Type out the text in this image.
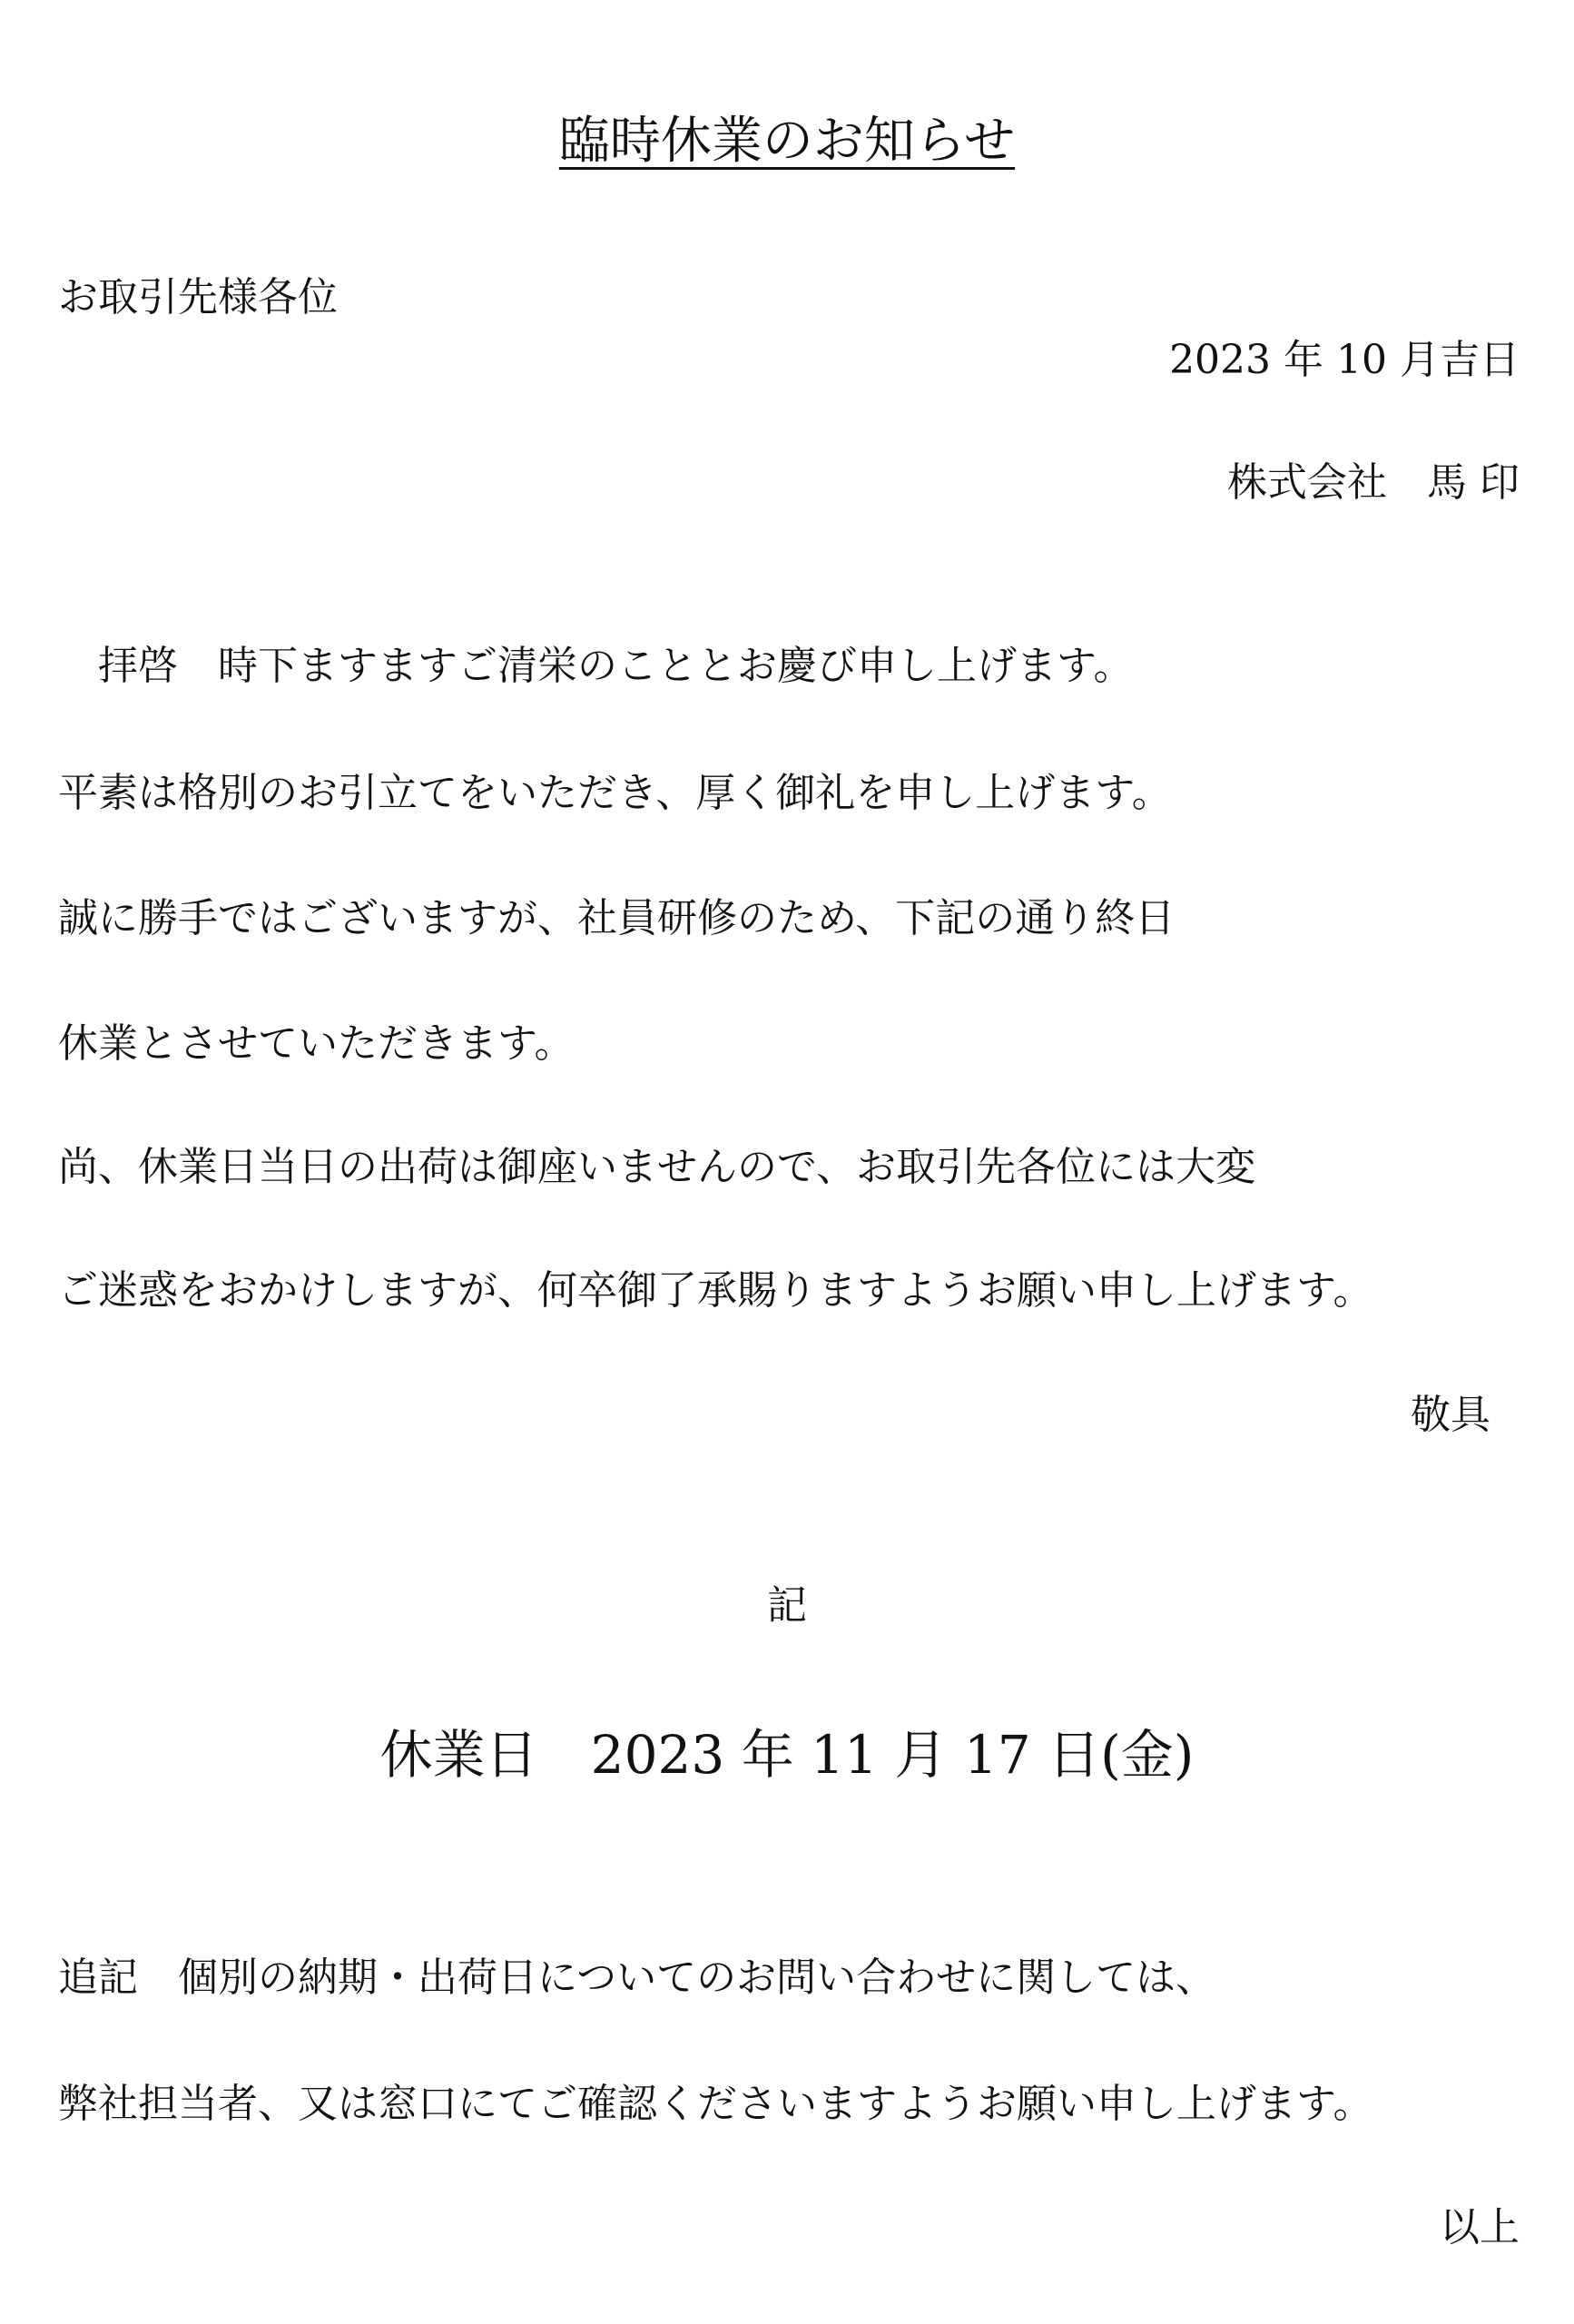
臨時休業のお知らせ
お取引先様各位
2023 年 10 月吉日
株式会社　馬 印
　拝啓　時下ますますご清栄のこととお慶び申し上げます。
平素は格別のお引立てをいただき、厚く御礼を申し上げます。
誠に勝手ではございますが、社員研修のため、下記の通り終日
休業とさせていただきます。
尚、休業日当日の出荷は御座いませんので、お取引先各位には大変
ご迷惑をおかけしますが、何卒御了承賜りますようお願い申し上げます。
敬具
記
休業日　2023 年 11 月 17 日(金)
追記　個別の納期・出荷日についてのお問い合わせに関しては、
弊社担当者、又は窓口にてご確認くださいますようお願い申し上げます。
以上
